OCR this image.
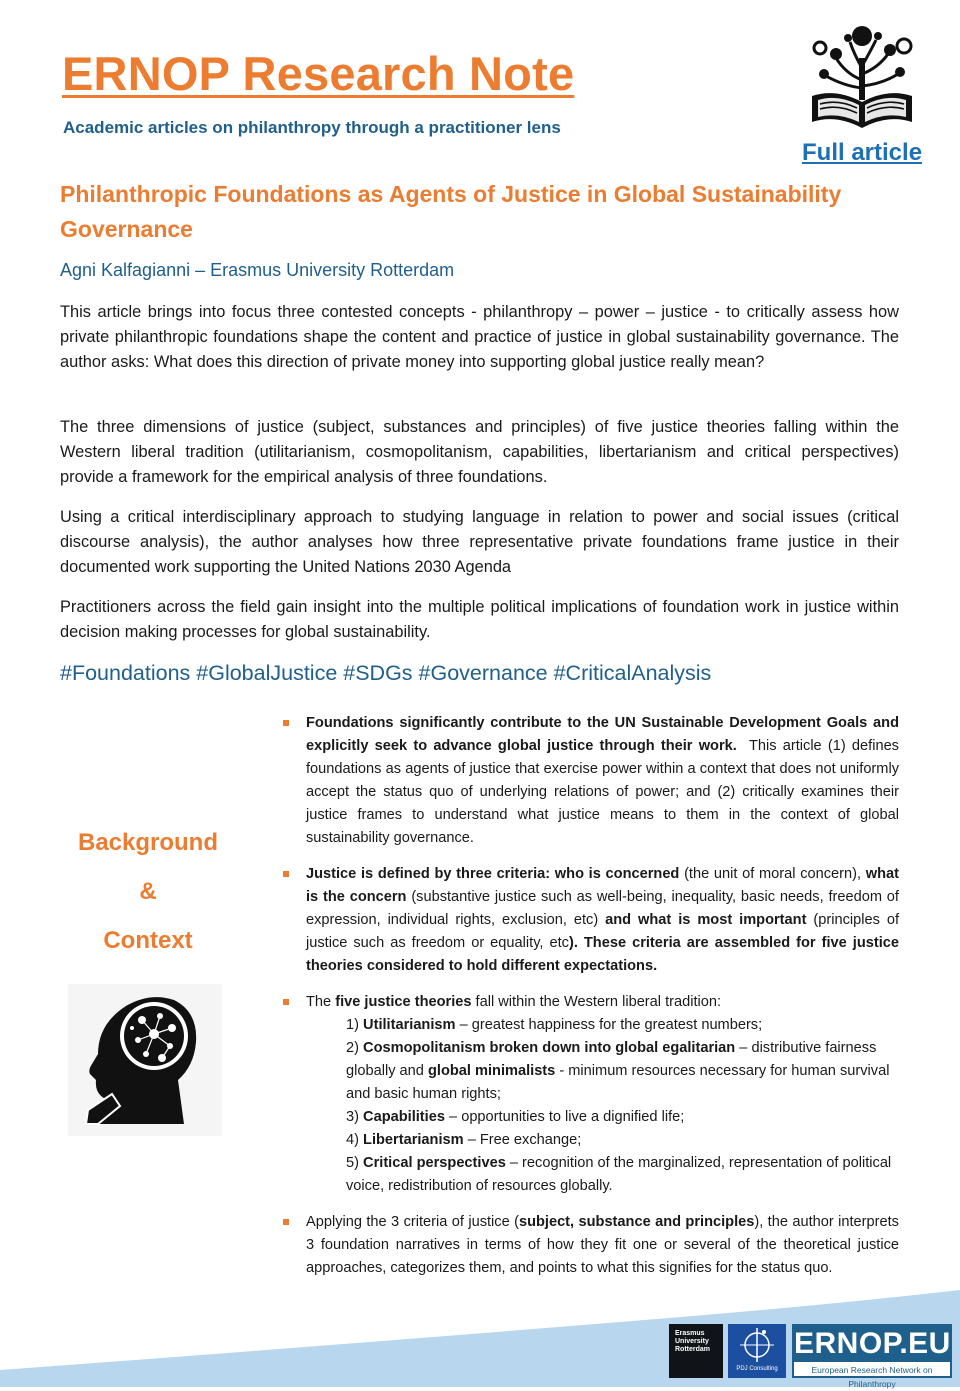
ERNOP Research Note
Academic articles on philanthropy through a practitioner lens
Full article
Philanthropic Foundations as Agents of Justice in Global Sustainability Governance
Agni Kalfagianni – Erasmus University Rotterdam

This article brings into focus three contested concepts - philanthropy – power – justice - to critically assess how private philanthropic foundations shape the content and practice of justice in global sustainability governance. The author asks: What does this direction of private money into supporting global justice really mean?

The three dimensions of justice (subject, substances and principles) of five justice theories falling within the Western liberal tradition (utilitarianism, cosmopolitanism, capabilities, libertarianism and critical perspectives) provide a framework for the empirical analysis of three foundations.

Using a critical interdisciplinary approach to studying language in relation to power and social issues (critical discourse analysis), the author analyses how three representative private foundations frame justice in their documented work supporting the United Nations 2030 Agenda

Practitioners across the field gain insight into the multiple political implications of foundation work in justice within decision making processes for global sustainability.

#Foundations #GlobalJustice #SDGs #Governance #CriticalAnalysis
Background
&
Context
Foundations significantly contribute to the UN Sustainable Development Goals and explicitly seek to advance global justice through their work. This article (1) defines foundations as agents of justice that exercise power within a context that does not uniformly accept the status quo of underlying relations of power; and (2) critically examines their justice frames to understand what justice means to them in the context of global sustainability governance.
Justice is defined by three criteria: who is concerned (the unit of moral concern), what is the concern (substantive justice such as well-being, inequality, basic needs, freedom of expression, individual rights, exclusion, etc) and what is most important (principles of justice such as freedom or equality, etc). These criteria are assembled for five justice theories considered to hold different expectations.
The five justice theories fall within the Western liberal tradition:
1) Utilitarianism – greatest happiness for the greatest numbers;
2) Cosmopolitanism broken down into global egalitarian – distributive fairness globally and global minimalists - minimum resources necessary for human survival and basic human rights;
3) Capabilities – opportunities to live a dignified life;
4) Libertarianism – Free exchange;
5) Critical perspectives – recognition of the marginalized, representation of political voice, redistribution of resources globally.
Applying the 3 criteria of justice (subject, substance and principles), the author interprets 3 foundation narratives in terms of how they fit one or several of the theoretical justice approaches, categorizes them, and points to what this signifies for the status quo.
Erasmus
University
Rotterdam
PDJ Consulting
ERNOP.EU
European Research Network on Philanthropy
